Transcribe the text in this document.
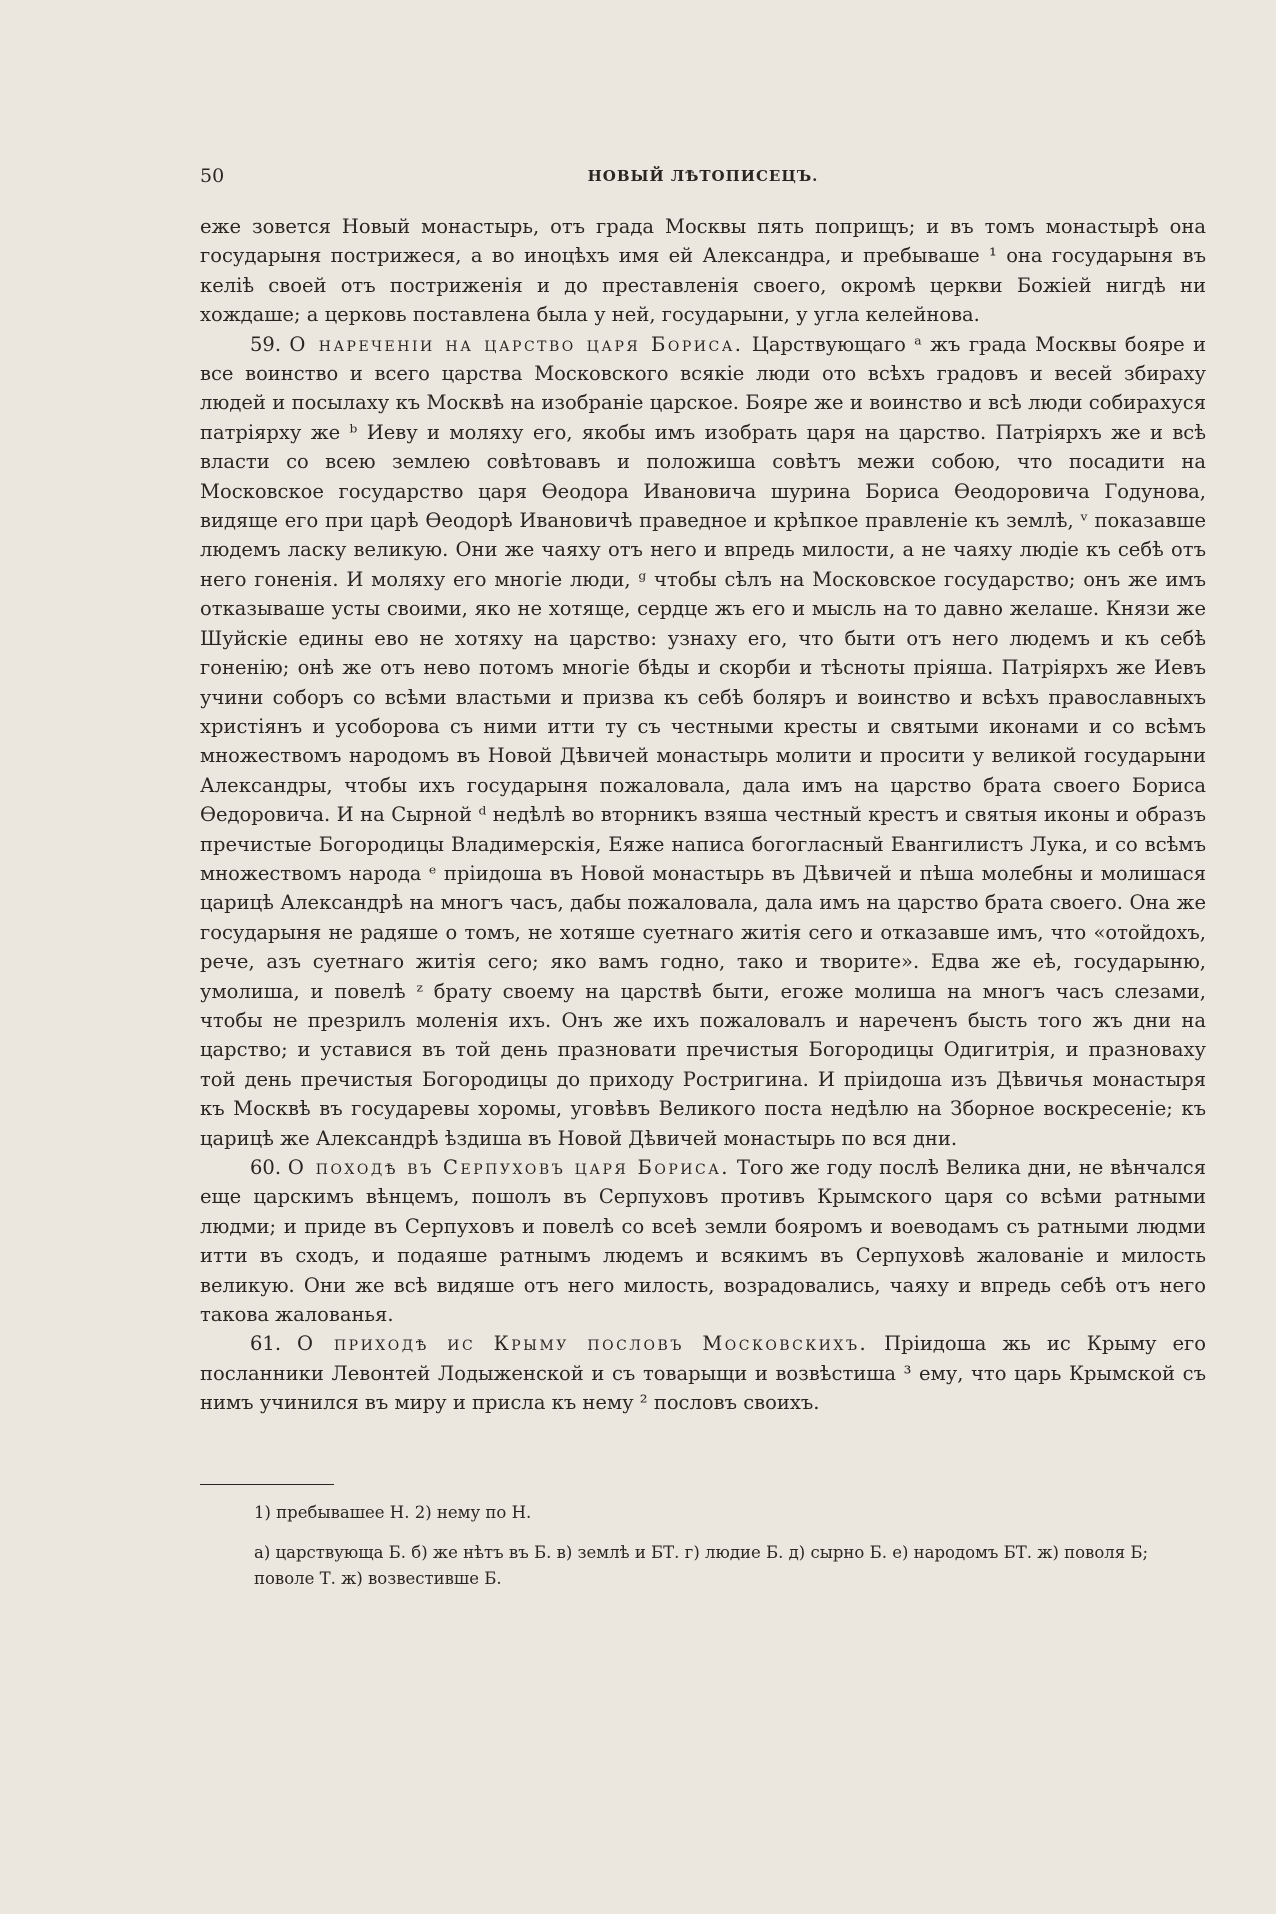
50	НОВЫЙ ЛѢТОПИСЕЦЪ.

еже зовется Новый монастырь, отъ града Москвы пять поприщъ; и въ томъ монастырѣ она государыня пострижеся, а во иноцѣхъ имя ей Александра, и пребываше ¹ она государыня въ келiѣ своей отъ постриженiя и до преставленiя своего, окромѣ церкви Божiей нигдѣ ни хождаше; а церковь поставлена была у ней, государыни, у угла келейнова.

59. О нареченiи на царство царя Бориса. Царствующаго ᵃ жъ града Москвы бояре и все воинство и всего царства Московского всякiе люди ото всѣхъ градовъ и весей збираху людей и посылаху къ Москвѣ на изобранiе царское. Бояре же и воинство и всѣ люди собирахуся патрiярху же ᵇ Иеву и моляху его, якобы имъ изобрать царя на царство. Патрiярхъ же и всѣ власти со всею землею совѣтовавъ и положиша совѣтъ межи собою, что посадити на Московское государство царя Ѳеодора Ивановича шурина Бориса Ѳеодоровича Годунова, видяще его при царѣ Ѳеодорѣ Ивановичѣ праведное и крѣпкое правленiе къ землѣ, ᵛ показавше людемъ ласку великую. Они же чаяху отъ него и впредь милости, а не чаяху людiе къ себѣ отъ него гоненiя. И моляху его многiе люди, ᵍ чтобы сѣлъ на Московское государство; онъ же имъ отказываше усты своими, яко не хотяще, сердце жъ его и мысль на то давно желаше. Князи же Шуйскiе едины ево не хотяху на царство: узнаху его, что быти отъ него людемъ и къ себѣ гоненiю; онѣ же отъ нево потомъ многiе бѣды и скорби и тѣсноты прiяша. Патрiярхъ же Иевъ учини соборъ со всѣми властьми и призва къ себѣ боляръ и воинство и всѣхъ православныхъ христiянъ и усоборова съ ними итти ту съ честными кресты и святыми иконами и со всѣмъ множествомъ народомъ въ Новой Дѣвичей монастырь молити и просити у великой государыни Александры, чтобы ихъ государыня пожаловала, дала имъ на царство брата своего Бориса Ѳедоровича. И на Сырной ᵈ недѣлѣ во вторникъ взяша честный крестъ и святыя иконы и образъ пречистые Богородицы Владимерскiя, Еяже написа богогласный Евангилистъ Лука, и со всѣмъ множествомъ народа ᵉ прiидоша въ Новой монастырь въ Дѣвичей и пѣша молебны и молишася царицѣ Александрѣ на многъ часъ, дабы пожаловала, дала имъ на царство брата своего. Она же государыня не радяше о томъ, не хотяше суетнаго житiя сего и отказавше имъ, что «отойдохъ, рече, азъ суетнаго житiя сего; яко вамъ годно, тако и творите». Едва же еѣ, государыню, умолиша, и повелѣ ᶻ брату своему на царствѣ быти, егоже молиша на многъ часъ слезами, чтобы не презрилъ моленiя ихъ. Онъ же ихъ пожаловалъ и нареченъ бысть того жъ дни на царство; и уставися въ той день празновати пречистыя Богородицы Одигитрiя, и празноваху той день пречистыя Богородицы до приходу Ростригина. И прiидоша изъ Дѣвичья монастыря къ Москвѣ въ государевы хоромы, уговѣвъ Великого поста недѣлю на Зборное воскресенiе; къ царицѣ же Александрѣ ѣздиша въ Новой Дѣвичей монастырь по вся дни.

60. О походѣ въ Серпуховъ царя Бориса. Того же году послѣ Велика дни, не вѣнчался еще царскимъ вѣнцемъ, пошолъ въ Серпуховъ противъ Крымского царя со всѣми ратными людми; и приде въ Серпуховъ и повелѣ со всеѣ земли бояромъ и воеводамъ съ ратными людми итти въ сходъ, и подаяше ратнымъ людемъ и всякимъ въ Серпуховѣ жалованiе и милость великую. Они же всѣ видяше отъ него милость, возрадовались, чаяху и впредь себѣ отъ него такова жалованья.

61. О приходѣ ис Крыму пословъ Московскихъ. Прiидоша жь ис Крыму его посланники Левонтей Лодыженской и съ товарыщи и возвѣстиша ³ ему, что царь Крымской съ нимъ учинился въ миру и присла къ нему ² пословъ своихъ.

1) пребывашее Н. 2) нему по Н.

а) царствующа Б. б) же нѣтъ въ Б. в) землѣ и БТ. г) людие Б. д) сырно Б. е) народомъ БТ. ж) поволя Б; поволе Т. ж) возвестивше Б.
